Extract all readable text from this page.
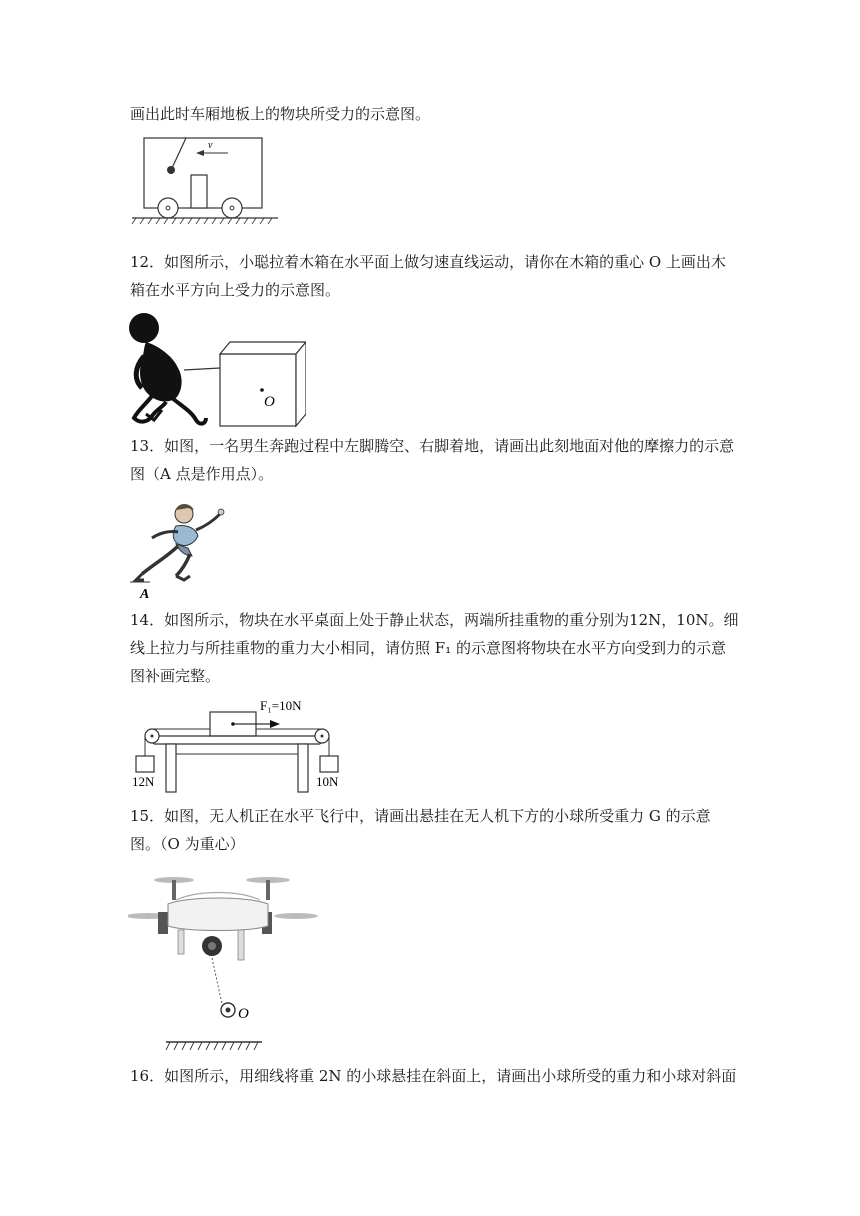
画出此时车厢地板上的物块所受力的示意图。

v

12．如图所示，小聪拉着木箱在水平面上做匀速直线运动，请你在木箱的重心 O 上画出木箱在水平方向上受力的示意图。

O

13．如图，一名男生奔跑过程中左脚腾空、右脚着地，请画出此刻地面对他的摩擦力的示意图（A 点是作用点）。

A

14．如图所示，物块在水平桌面上处于静止状态，两端所挂重物的重分别为12N，10N。细线上拉力与所挂重物的重力大小相同，请仿照 F₁ 的示意图将物块在水平方向受到力的示意图补画完整。

F₁=10N
12N	10N

15．如图，无人机正在水平飞行中，请画出悬挂在无人机下方的小球所受重力 G 的示意图。（O 为重心）

O

16．如图所示，用细线将重 2N 的小球悬挂在斜面上，请画出小球所受的重力和小球对斜面
